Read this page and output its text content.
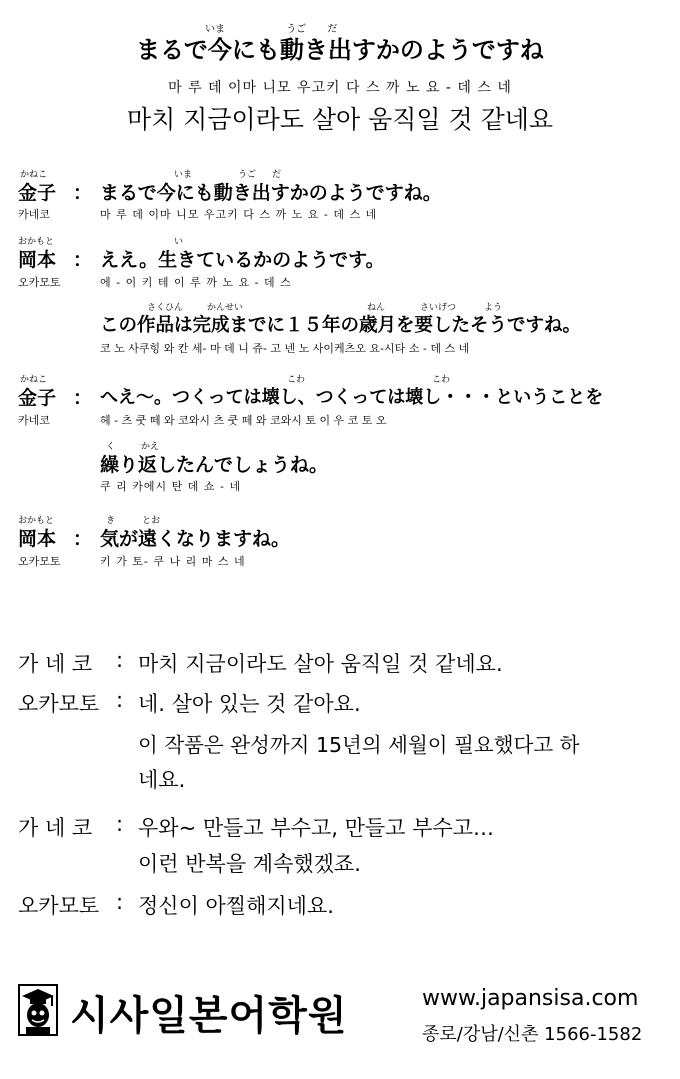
いま	うご だ
まるで今にも動き出すかのようですね
마 루 데 이마 니모 우고키 다 스 까 노 요 - 데 스 네
마치 지금이라도 살아 움직일 것 같네요
かねこ	いま	うご だ
金子 ： まるで今にも動き出すかのようですね。
카네코	마 루 데 이마 니모 우고키 다 스 까 노 요 - 데 스 네
おかもと	い
岡本 ： ええ。生きているかのようです。
오카모토	에 - 이 키 테 이 루 까 노 요 - 데 스
さくひん	かんせい	ねん	さいげつ	よう
この作品は完成までに１５年の歳月を要したそうですね。
코 노 사쿠힝 와 칸 세- 마 데 니 쥬- 고 넨 노 사이케츠오 요-시타 소 - 데 스 네
かねこ	こわ	こわ
金子 ： へえ～。つくっては壊し、つくっては壊し・・・ということを
카네코	헤 - 츠 쿳 떼 와 코와시 츠 쿳 떼 와 코와시 토 이 우 코 토 오
く	かえ
繰り返したんでしょうね。
쿠 리 카에시 탄 데 쇼 - 네
おかもと	き	とお
岡本 ： 気が遠くなりますね。
오카모토	키 가 토- 쿠 나 리 마 스 네
가 네 코 : 마치 지금이라도 살아 움직일 것 같네요.
오카모토 : 네. 살아 있는 것 같아요.
이 작품은 완성까지 15년의 세월이 필요했다고 하
네요.
가 네 코 : 우와~ 만들고 부수고, 만들고 부수고…
이런 반복을 계속했겠죠.
오카모토 : 정신이 아찔해지네요.
시사일본어학원	www.japansisa.com
종로/강남/신촌 1566-1582
